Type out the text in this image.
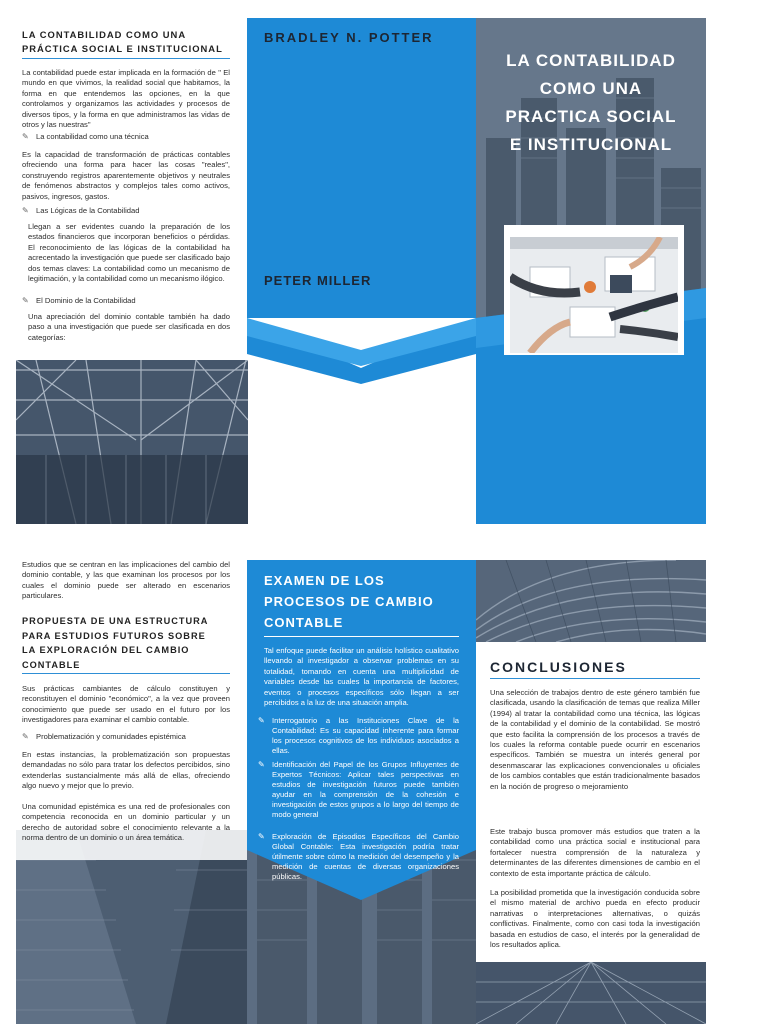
LA CONTABILIDAD COMO UNA PRÁCTICA SOCIAL E INSTITUCIONAL
La contabilidad puede estar implicada en la formación de " El mundo en que vivimos, la realidad social que habitamos, la forma en que entendemos las opciones, en la que controlamos y organizamos las actividades y procesos de diversos tipos, y la forma en que administramos las vidas de otros y las nuestras"
✎ La contabilidad como una técnica
Es la capacidad de transformación de prácticas contables ofreciendo una forma para hacer las cosas "reales", construyendo registros aparentemente objetivos y neutrales de fenómenos abstractos y complejos tales como activos, pasivos, ingresos, gastos.
✎ Las Lógicas de la Contabilidad
Llegan a ser evidentes cuando la preparación de los estados financieros que incorporan beneficios o pérdidas. El reconocimiento de las lógicas de la contabilidad ha acrecentado la investigación que puede ser clasificado bajo dos temas claves: La contabilidad como un mecanismo de legitimación, y la contabilidad como un mecanismo ilógico.
✎ El Dominio de la Contabilidad
Una apreciación del dominio contable también ha dado paso a una investigación que puede ser clasificada en dos categorías:
BRADLEY N. POTTER
PETER MILLER
LA CONTABILIDAD
COMO UNA
PRACTICA SOCIAL
E INSTITUCIONAL
Estudios que se centran en las implicaciones del cambio del dominio contable, y las que examinan los procesos por los cuales el dominio puede ser alterado en escenarios particulares.
PROPUESTA DE UNA ESTRUCTURA PARA ESTUDIOS FUTUROS SOBRE LA EXPLORACIÓN DEL CAMBIO CONTABLE
Sus prácticas cambiantes de cálculo constituyen y reconstituyen el dominio "económico", a la vez que proveen conocimiento que puede ser usado en el futuro por los investigadores para examinar el cambio contable.
✎ Problematización y comunidades epistémica
En estas instancias, la problematización son propuestas demandadas no sólo para tratar los defectos percibidos, sino extenderlas sustancialmente más allá de ellas, ofreciendo algo nuevo y mejor que lo previo.
Una comunidad epistémica es una red de profesionales con competencia reconocida en un dominio particular y un derecho de autoridad sobre el conocimiento relevante a la norma dentro de un dominio o un área temática.
EXAMEN DE LOS
PROCESOS DE CAMBIO
CONTABLE
Tal enfoque puede facilitar un análisis holístico cualitativo llevando al investigador a observar problemas en su totalidad, tomando en cuenta una multiplicidad de variables desde las cuales la importancia de factores, eventos o procesos específicos sólo llegan a ser percibidos a la luz de una situación amplia.
✎ Interrogatorio a las Instituciones Clave de la Contabilidad: Es su capacidad inherente para formar los procesos cognitivos de los individuos asociados a ellas.
✎ Identificación del Papel de los Grupos Influyentes de Expertos Técnicos: Aplicar tales perspectivas en estudios de investigación futuros puede también ayudar en la comprensión de la cohesión e investigación de estos grupos a lo largo del tiempo de modo general
✎ Exploración de Episodios Específicos del Cambio Global Contable: Esta investigación podría tratar útilmente sobre cómo la medición del desempeño y la medición de cuentas de diversas organizaciones públicas.
CONCLUSIONES
Una selección de trabajos dentro de este género también fue clasificada, usando la clasificación de temas que realiza Miller (1994) al tratar la contabilidad como una técnica, las lógicas de la contabilidad y el dominio de la contabilidad. Se mostró que esto facilita la comprensión de los procesos a través de los cuales la reforma contable puede ocurrir en escenarios específicos. También se muestra un interés general por desenmascarar las explicaciones convencionales u oficiales de los cambios contables que están tradicionalmente basados en la noción de progreso o mejoramiento
Este trabajo busca promover más estudios que traten a la contabilidad como una práctica social e institucional para fortalecer nuestra comprensión de la naturaleza y determinantes de las diferentes dimensiones de cambio en el contexto de esta importante práctica de cálculo.
La posibilidad prometida que la investigación conducida sobre el mismo material de archivo pueda en efecto producir narrativas o interpretaciones alternativas, o quizás conflictivas. Finalmente, como con casi toda la investigación basada en estudios de caso, el interés por la generalidad de los resultados aplica.
